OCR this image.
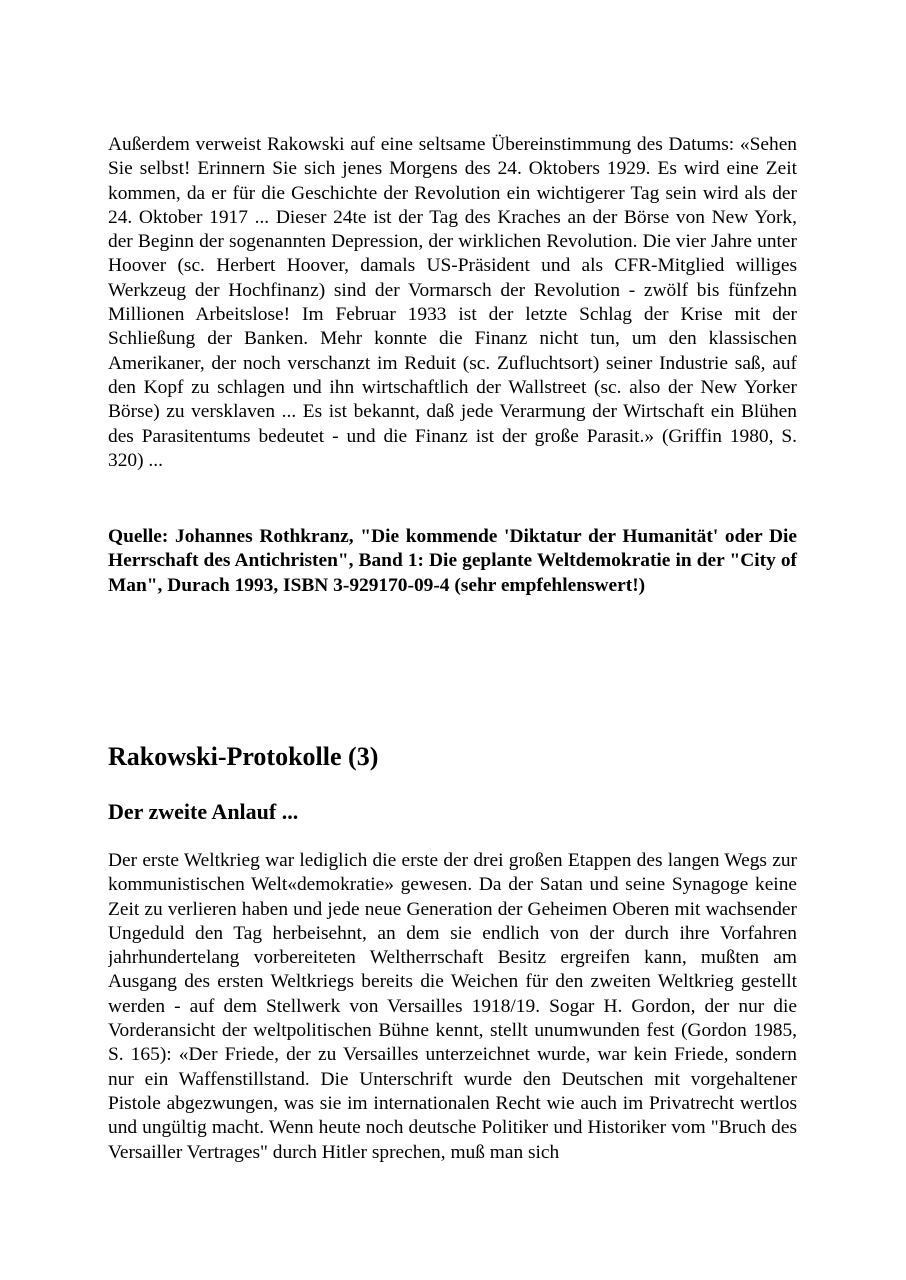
Außerdem verweist Rakowski auf eine seltsame Übereinstimmung des Datums: «Sehen Sie selbst! Erinnern Sie sich jenes Morgens des 24. Oktobers 1929. Es wird eine Zeit kommen, da er für die Geschichte der Revolution ein wichtigerer Tag sein wird als der 24. Oktober 1917 ... Dieser 24te ist der Tag des Kraches an der Börse von New York, der Beginn der sogenannten Depression, der wirklichen Revolution. Die vier Jahre unter Hoover (sc. Herbert Hoover, damals US-Präsident und als CFR-Mitglied williges Werkzeug der Hochfinanz) sind der Vormarsch der Revolution - zwölf bis fünfzehn Millionen Arbeitslose! Im Februar 1933 ist der letzte Schlag der Krise mit der Schließung der Banken. Mehr konnte die Finanz nicht tun, um den klassischen Amerikaner, der noch verschanzt im Reduit (sc. Zufluchtsort) seiner Industrie saß, auf den Kopf zu schlagen und ihn wirtschaftlich der Wallstreet (sc. also der New Yorker Börse) zu versklaven ... Es ist bekannt, daß jede Verarmung der Wirtschaft ein Blühen des Parasitentums bedeutet - und die Finanz ist der große Parasit.» (Griffin 1980, S. 320) ...

Quelle: Johannes Rothkranz, "Die kommende 'Diktatur der Humanität' oder Die Herrschaft des Antichristen", Band 1: Die geplante Weltdemokratie in der "City of Man", Durach 1993, ISBN 3-929170-09-4 (sehr empfehlenswert!)

Rakowski-Protokolle (3)
Der zweite Anlauf ...

Der erste Weltkrieg war lediglich die erste der drei großen Etappen des langen Wegs zur kommunistischen Welt«demokratie» gewesen. Da der Satan und seine Synagoge keine Zeit zu verlieren haben und jede neue Generation der Geheimen Oberen mit wachsender Ungeduld den Tag herbeisehnt, an dem sie endlich von der durch ihre Vorfahren jahrhundertelang vorbereiteten Weltherrschaft Besitz ergreifen kann, mußten am Ausgang des ersten Weltkriegs bereits die Weichen für den zweiten Weltkrieg gestellt werden - auf dem Stellwerk von Versailles 1918/19. Sogar H. Gordon, der nur die Vorderansicht der weltpolitischen Bühne kennt, stellt unumwunden fest (Gordon 1985, S. 165): «Der Friede, der zu Versailles unterzeichnet wurde, war kein Friede, sondern nur ein Waffenstillstand. Die Unterschrift wurde den Deutschen mit vorgehaltener Pistole abgezwungen, was sie im internationalen Recht wie auch im Privatrecht wertlos und ungültig macht. Wenn heute noch deutsche Politiker und Historiker vom "Bruch des Versailler Vertrages" durch Hitler sprechen, muß man sich
